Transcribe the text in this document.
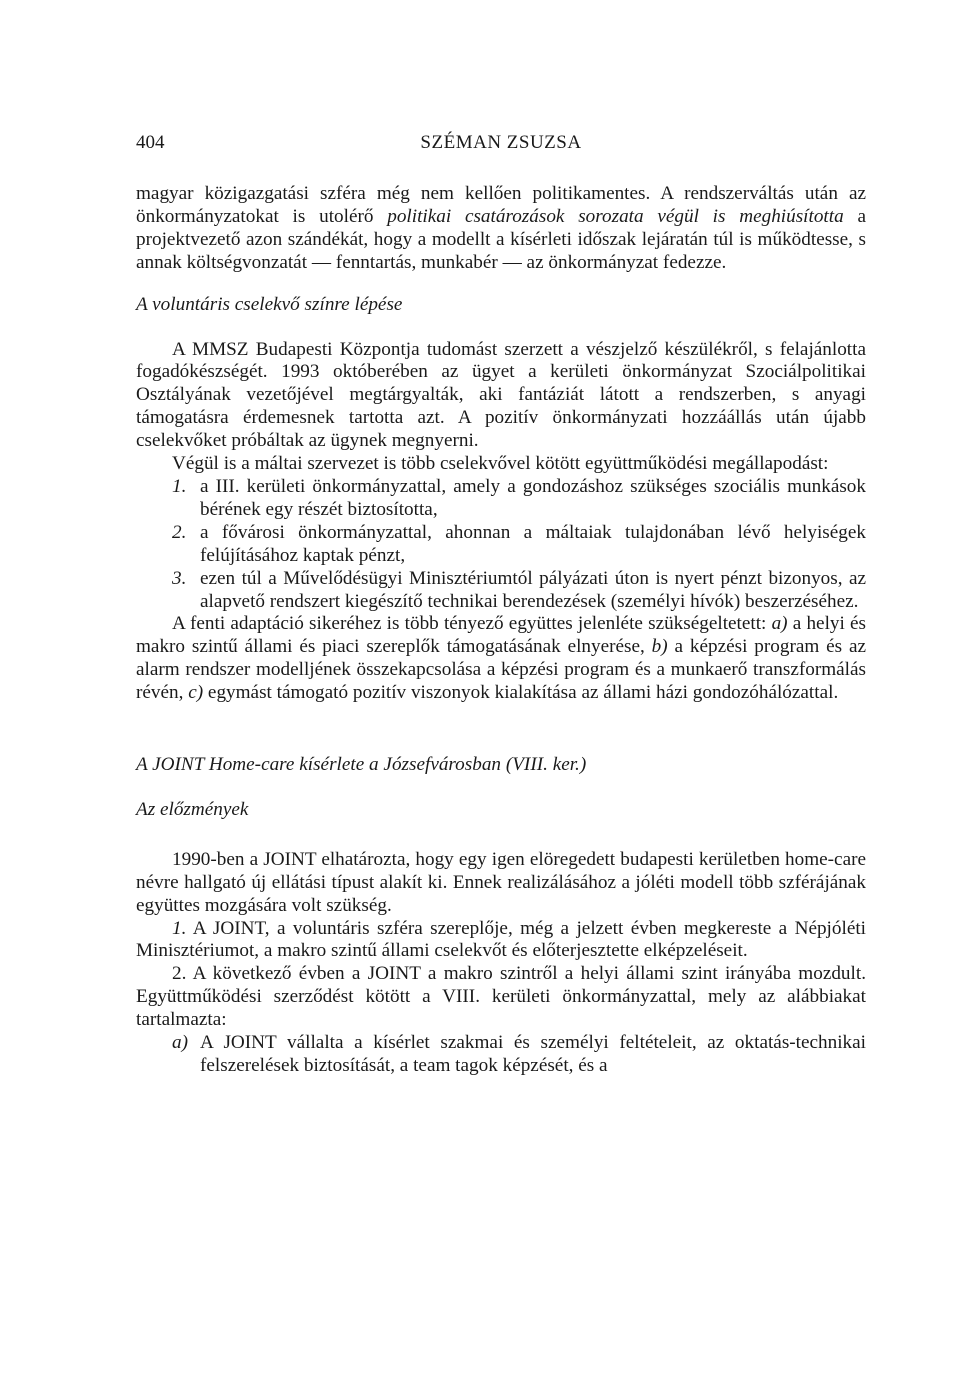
404	SZÉMAN ZSUZSA

magyar közigazgatási szféra még nem kellően politikamentes. A rendszerváltás után az önkormányzatokat is utolérő politikai csatározások sorozata végül is meghiúsította a projektvezető azon szándékát, hogy a modellt a kísérleti időszak lejáratán túl is működtesse, s annak költségvonzatát — fenntartás, munkabér — az önkormányzat fedezze.

A voluntáris cselekvő színre lépése

A MMSZ Budapesti Központja tudomást szerzett a vészjelző készülékről, s felajánlotta fogadókészségét. 1993 októberében az ügyet a kerületi önkormányzat Szociálpolitikai Osztályának vezetőjével megtárgyalták, aki fantáziát látott a rendszerben, s anyagi támogatásra érdemesnek tartotta azt. A pozitív önkormányzati hozzáállás után újabb cselekvőket próbáltak az ügynek megnyerni.

Végül is a máltai szervezet is több cselekvővel kötött együttműködési megállapodást:

1. a III. kerületi önkormányzattal, amely a gondozáshoz szükséges szociális munkások bérének egy részét biztosította,
2. a fővárosi önkormányzattal, ahonnan a máltaiak tulajdonában lévő helyiségek felújításához kaptak pénzt,
3. ezen túl a Művelődésügyi Minisztériumtól pályázati úton is nyert pénzt bizonyos, az alapvető rendszert kiegészítő technikai berendezések (személyi hívók) beszerzéséhez.

A fenti adaptáció sikeréhez is több tényező együttes jelenléte szükségeltetett: a) a helyi és makro szintű állami és piaci szereplők támogatásának elnyerése, b) a képzési program és az alarm rendszer modelljének összekapcsolása a képzési program és a munkaerő transzformálás révén, c) egymást támogató pozitív viszonyok kialakítása az állami házi gondozóhálózattal.

A JOINT Home-care kísérlete a Józsefvárosban (VIII. ker.)

Az előzmények

1990-ben a JOINT elhatározta, hogy egy igen elöregedett budapesti kerületben home-care névre hallgató új ellátási típust alakít ki. Ennek realizálásához a jóléti modell több szférájának együttes mozgására volt szükség.

1. A JOINT, a voluntáris szféra szereplője, még a jelzett évben megkereste a Népjóléti Minisztériumot, a makro szintű állami cselekvőt és előterjesztette elképzeléseit.

2. A következő évben a JOINT a makro szintről a helyi állami szint irányába mozdult. Együttműködési szerződést kötött a VIII. kerületi önkormányzattal, mely az alábbiakat tartalmazta:

a) A JOINT vállalta a kísérlet szakmai és személyi feltételeit, az oktatás-technikai felszerelések biztosítását, a team tagok képzését, és a
